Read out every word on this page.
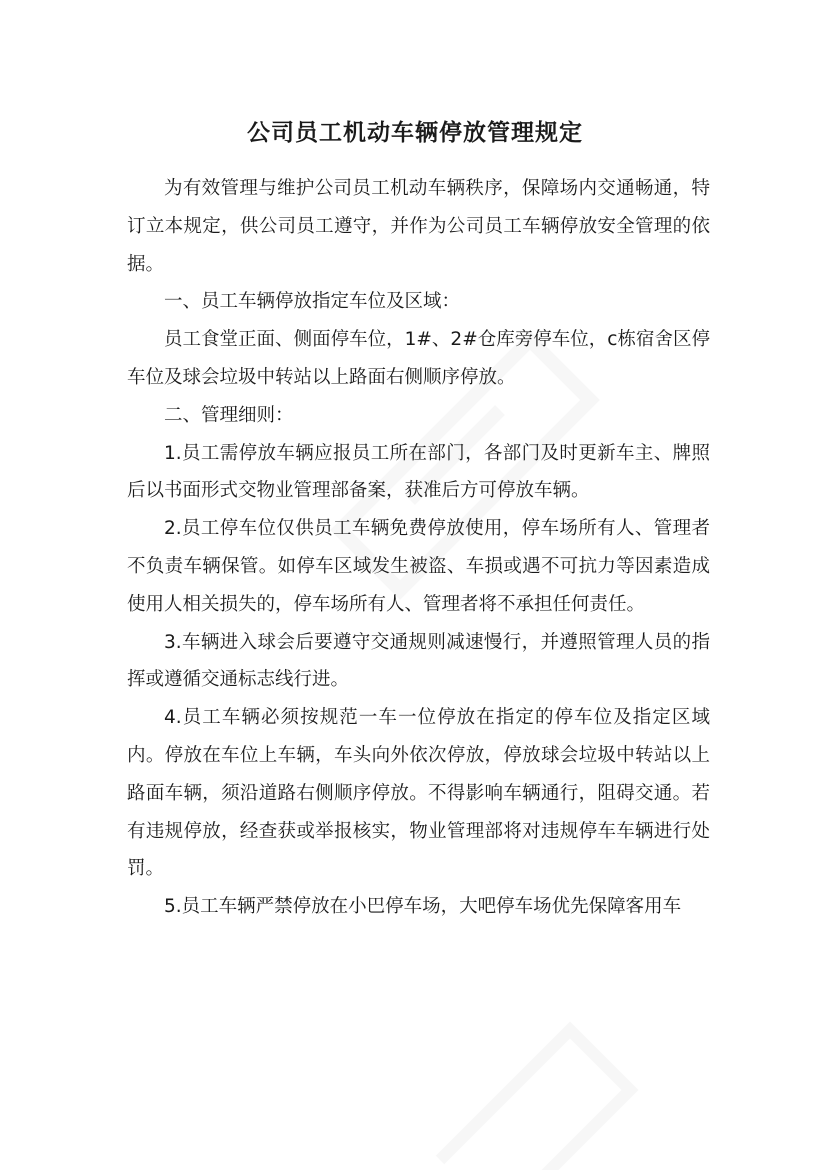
公司员工机动车辆停放管理规定

为有效管理与维护公司员工机动车辆秩序，保障场内交通畅通，特订立本规定，供公司员工遵守，并作为公司员工车辆停放安全管理的依据。

一、员工车辆停放指定车位及区域：

员工食堂正面、侧面停车位，1#、2#仓库旁停车位，c栋宿舍区停车位及球会垃圾中转站以上路面右侧顺序停放。

二、管理细则：

1.员工需停放车辆应报员工所在部门，各部门及时更新车主、牌照后以书面形式交物业管理部备案，获准后方可停放车辆。

2.员工停车位仅供员工车辆免费停放使用，停车场所有人、管理者不负责车辆保管。如停车区域发生被盗、车损或遇不可抗力等因素造成使用人相关损失的，停车场所有人、管理者将不承担任何责任。

3.车辆进入球会后要遵守交通规则减速慢行，并遵照管理人员的指挥或遵循交通标志线行进。

4.员工车辆必须按规范一车一位停放在指定的停车位及指定区域内。停放在车位上车辆，车头向外依次停放，停放球会垃圾中转站以上路面车辆，须沿道路右侧顺序停放。不得影响车辆通行，阻碍交通。若有违规停放，经查获或举报核实，物业管理部将对违规停车车辆进行处罚。

5.员工车辆严禁停放在小巴停车场，大吧停车场优先保障客用车
